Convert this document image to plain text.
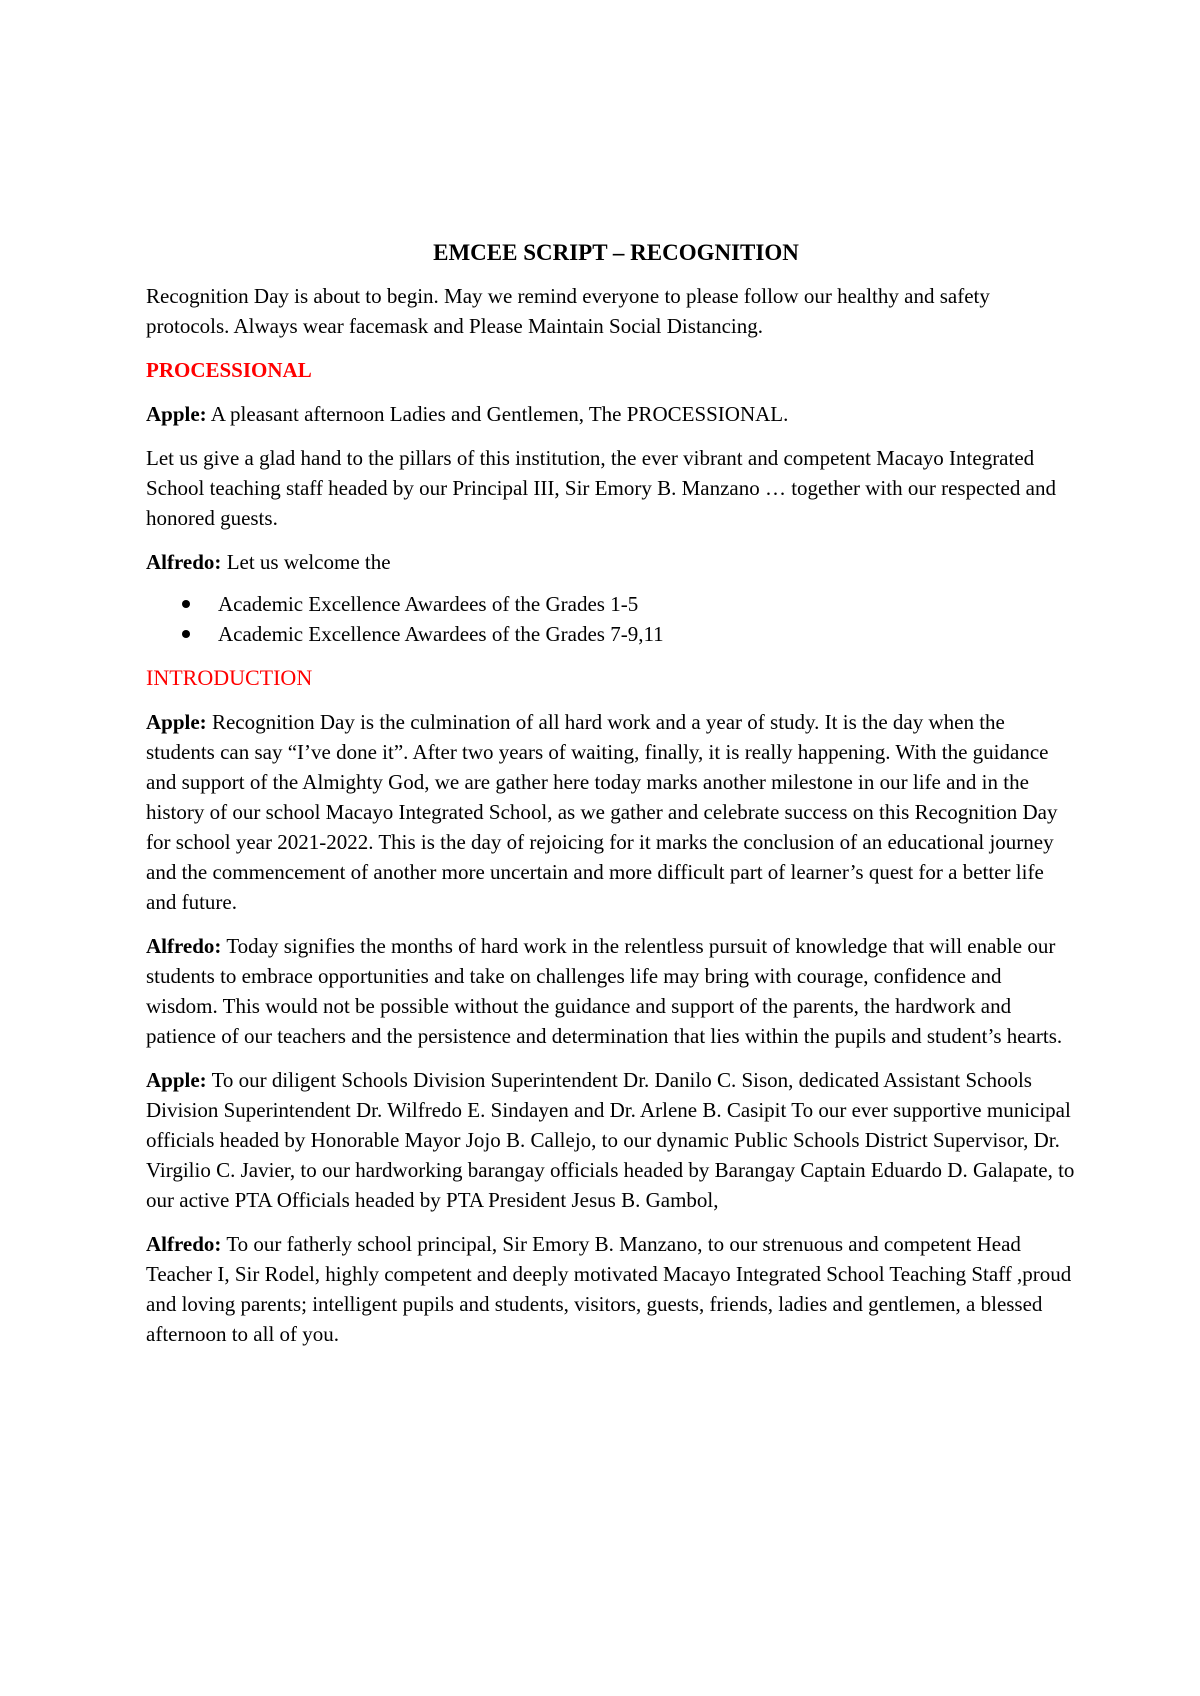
EMCEE SCRIPT – RECOGNITION

Recognition Day is about to begin. May we remind everyone to please follow our healthy and safety protocols. Always wear facemask and Please Maintain Social Distancing.

PROCESSIONAL

Apple: A pleasant afternoon Ladies and Gentlemen, The PROCESSIONAL.

Let us give a glad hand to the pillars of this institution, the ever vibrant and competent Macayo Integrated School teaching staff headed by our Principal III, Sir Emory B. Manzano … together with our respected and honored guests.

Alfredo: Let us welcome the

Academic Excellence Awardees of the Grades 1-5
Academic Excellence Awardees of the Grades 7-9,11
INTRODUCTION

Apple: Recognition Day is the culmination of all hard work and a year of study. It is the day when the students can say “I’ve done it”. After two years of waiting, finally, it is really happening. With the guidance and support of the Almighty God, we are gather here today marks another milestone in our life and in the history of our school Macayo Integrated School, as we gather and celebrate success on this Recognition Day for school year 2021-2022. This is the day of rejoicing for it marks the conclusion of an educational journey and the commencement of another more uncertain and more difficult part of learner’s quest for a better life and future.

Alfredo: Today signifies the months of hard work in the relentless pursuit of knowledge that will enable our students to embrace opportunities and take on challenges life may bring with courage, confidence and wisdom. This would not be possible without the guidance and support of the parents, the hardwork and patience of our teachers and the persistence and determination that lies within the pupils and student’s hearts.

Apple: To our diligent Schools Division Superintendent Dr. Danilo C. Sison, dedicated Assistant Schools Division Superintendent Dr. Wilfredo E. Sindayen and Dr. Arlene B. Casipit To our ever supportive municipal officials headed by Honorable Mayor Jojo B. Callejo, to our dynamic Public Schools District Supervisor, Dr. Virgilio C. Javier, to our hardworking barangay officials headed by Barangay Captain Eduardo D. Galapate, to our active PTA Officials headed by PTA President Jesus B. Gambol,

Alfredo: To our fatherly school principal, Sir Emory B. Manzano, to our strenuous and competent Head Teacher I, Sir Rodel, highly competent and deeply motivated Macayo Integrated School Teaching Staff ,proud and loving parents; intelligent pupils and students, visitors, guests, friends, ladies and gentlemen, a blessed afternoon to all of you.
